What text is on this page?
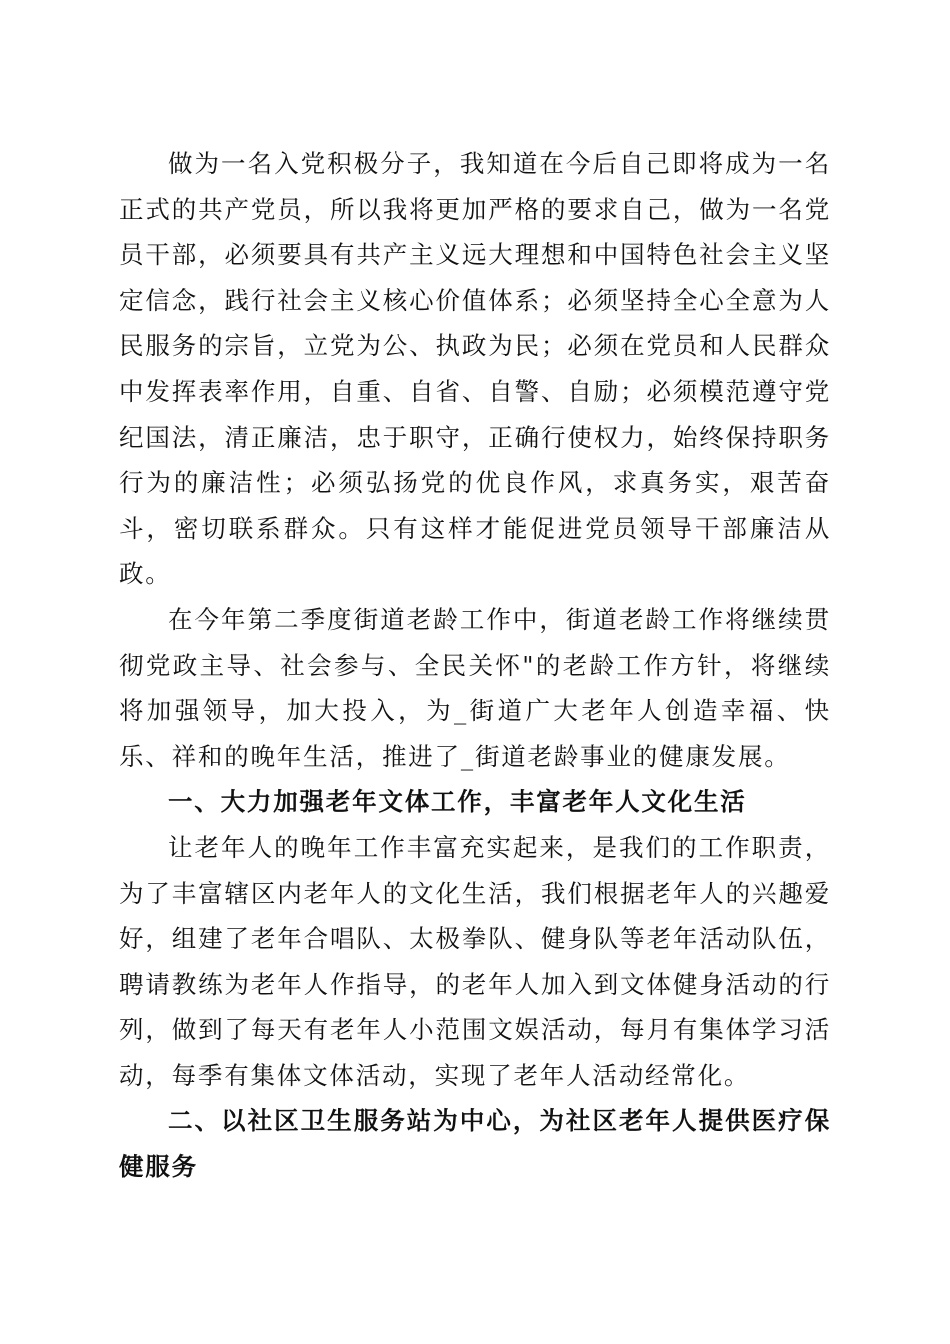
做为一名入党积极分子，我知道在今后自己即将成为一名正式的共产党员，所以我将更加严格的要求自己，做为一名党员干部，必须要具有共产主义远大理想和中国特色社会主义坚定信念，践行社会主义核心价值体系；必须坚持全心全意为人民服务的宗旨，立党为公、执政为民；必须在党员和人民群众中发挥表率作用，自重、自省、自警、自励；必须模范遵守党纪国法，清正廉洁，忠于职守，正确行使权力，始终保持职务行为的廉洁性；必须弘扬党的优良作风，求真务实，艰苦奋斗，密切联系群众。只有这样才能促进党员领导干部廉洁从政。

在今年第二季度街道老龄工作中，街道老龄工作将继续贯彻党政主导、社会参与、全民关怀"的老龄工作方针，将继续将加强领导，加大投入，为_街道广大老年人创造幸福、快乐、祥和的晚年生活，推进了_街道老龄事业的健康发展。

一、大力加强老年文体工作，丰富老年人文化生活

让老年人的晚年工作丰富充实起来，是我们的工作职责，为了丰富辖区内老年人的文化生活，我们根据老年人的兴趣爱好，组建了老年合唱队、太极拳队、健身队等老年活动队伍，聘请教练为老年人作指导，的老年人加入到文体健身活动的行列，做到了每天有老年人小范围文娱活动，每月有集体学习活动，每季有集体文体活动，实现了老年人活动经常化。

二、以社区卫生服务站为中心，为社区老年人提供医疗保健服务
